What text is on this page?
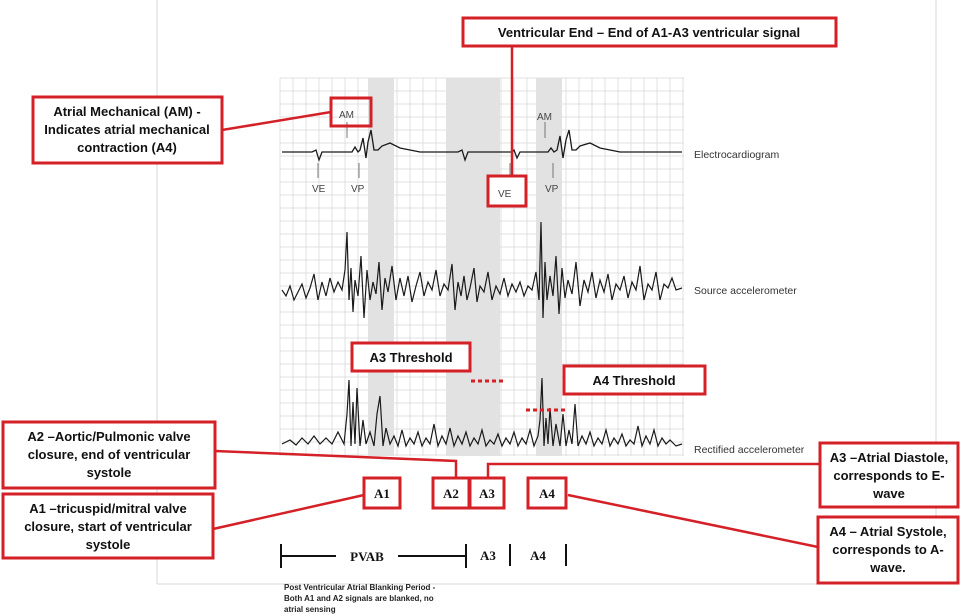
VE	VP
AM
VP
Electrocardiogram
Source accelerometer
Rectified accelerometer
Ventricular End – End of A1-A3 ventricular signal
AM
VE
Atrial Mechanical (AM) -
Indicates atrial mechanical
contraction (A4)
A3 Threshold
A4 Threshold
A2 –Aortic/Pulmonic valve
closure, end of ventricular
systole
A1 –tricuspid/mitral valve
closure, start of ventricular
systole
A3 –Atrial Diastole,
corresponds to E-
wave
A4 – Atrial Systole,
corresponds to A-
wave.
A1	A2 A3	A4
PVAB	A3	A4
Post Ventricular Atrial Blanking Period -
Both A1 and A2 signals are blanked, no
atrial sensing
